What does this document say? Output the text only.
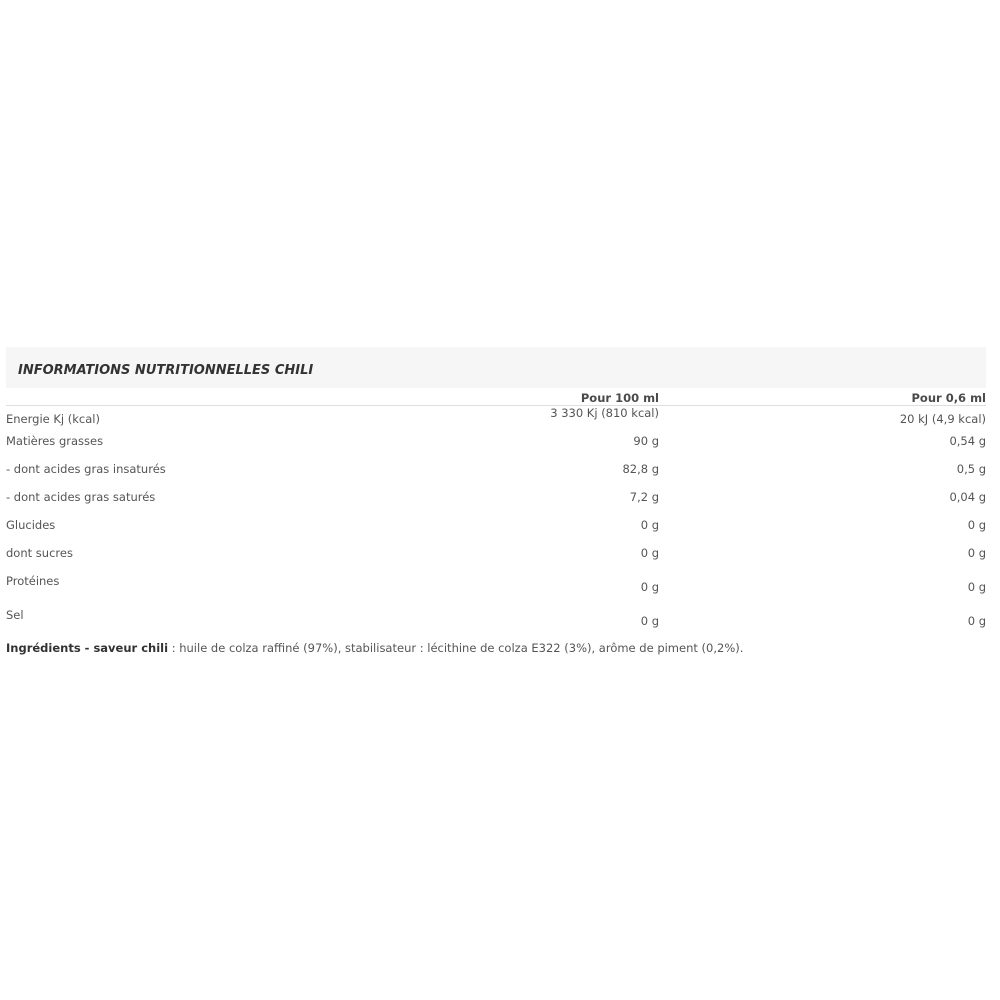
INFORMATIONS NUTRITIONNELLES CHILI
	Pour 100 ml	Pour 0,6 ml
Energie Kj (kcal)	3 330 Kj (810 kcal)	20 kJ (4,9 kcal)
Matières grasses	90 g	0,54 g
- dont acides gras insaturés	82,8 g	0,5 g
- dont acides gras saturés	7,2 g	0,04 g
Glucides	0 g	0 g
dont sucres	0 g	0 g
Protéines	0 g	0 g
Sel	0 g	0 g
Ingrédients - saveur chili : huile de colza raffiné (97%), stabilisateur : lécithine de colza E322 (3%), arôme de piment (0,2%).
